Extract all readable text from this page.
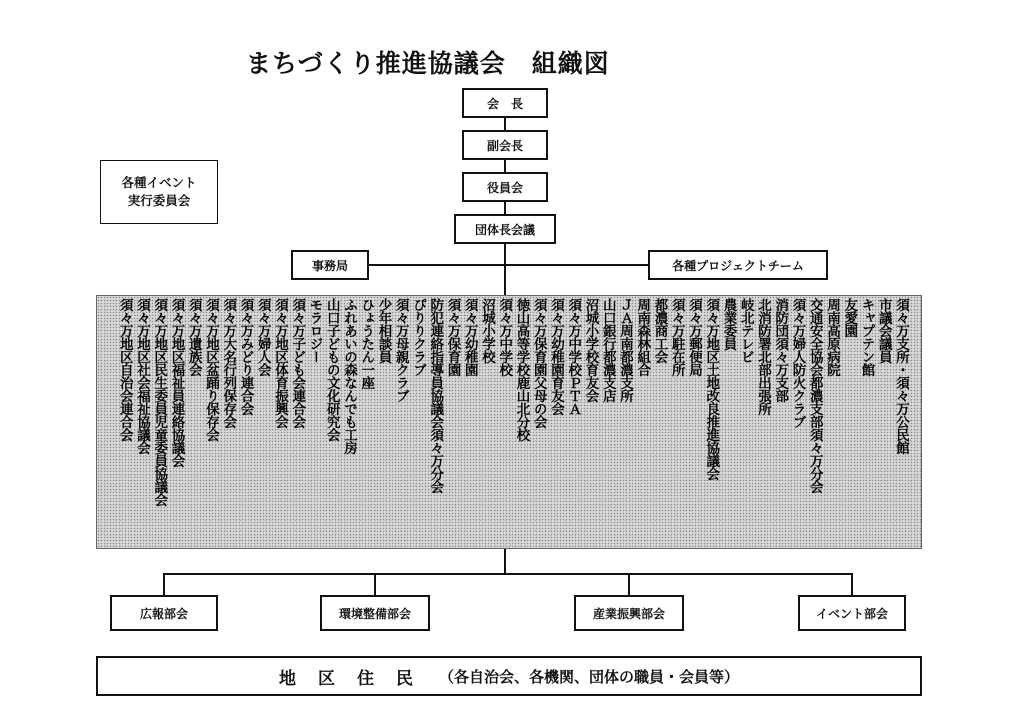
まちづくり推進協議会　組織図
会　長
副会長
役員会
団体長会議
各種イベント
実行委員会
事務局	各種プロジェクトチーム
須々万支所・須々万公民館
市議会議員
キャプテン館
友愛園
周南高原病院
交通安全協会都濃支部須々万分会
須々万婦人防火クラブ
消防団須々万支部
北消防署北部出張所
岐北テレビ
農業委員
須々万地区土地改良推進協議会
須々万郵便局
須々万駐在所
都濃商工会
周南森林組合
ＪＡ周南都濃支所
山口銀行都濃支店
沼城小学校育友会
須々万中学校ＰＴＡ
須々万幼稚園育友会
須々万保育園父母の会
徳山高等学校鹿山北分校
須々万中学校
沼城小学校
須々万幼稚園
須々万保育園
防犯連絡指導員協議会須々万分会
ぴりりクラブ
須々万母親クラブ
少年相談員
ひょうたん一座
ふれあいの森なんでも工房
山口子どもの文化研究会
モラロジー
須々万子ども会連合会
須々万地区体育振興会
須々万婦人会
須々万みどり連合会
須々万大名行列保存会
須々万地区盆踊り保存会
須々万遺族会
須々万地区福祉員連絡協議会
須々万地区民生委員児童委員協議会
須々万地区社会福祉協議会
須々万地区自治会連合会
広報部会	環境整備部会	産業振興部会	イベント部会
地区住民 （各自治会、各機関、団体の職員・会員等）
